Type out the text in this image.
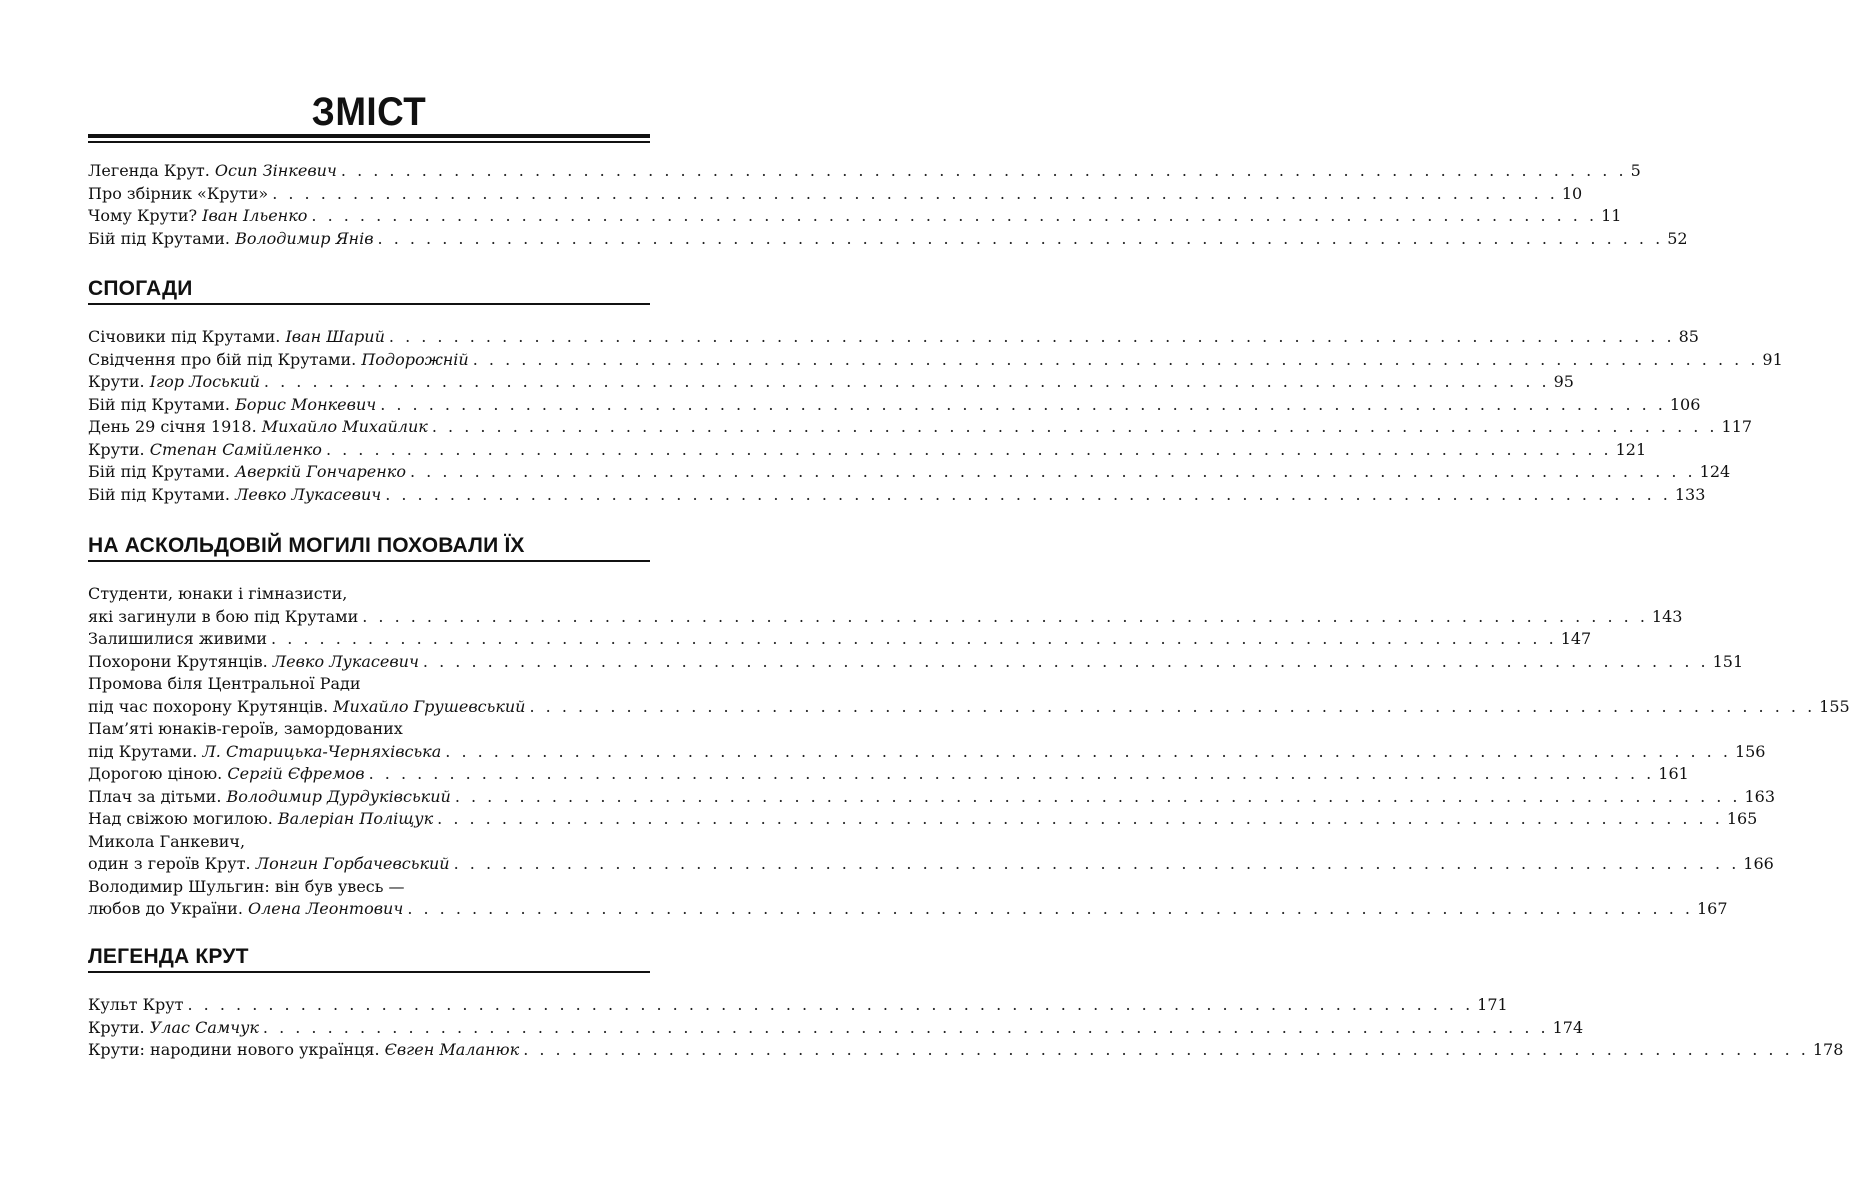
ЗМІСТ
Легенда Крут. Осип Зінкевич . . . . . . . . . . . . . . . . . . . . . . . . . . . . . . . . . . . . . . . . . . . . . . . . . . . . . . . . . . . . . . . . . . . . . . . . . . . . . . . . 5
Про збірник «Крути» . . . . . . . . . . . . . . . . . . . . . . . . . . . . . . . . . . . . . . . . . . . . . . . . . . . . . . . . . . . . . . . . . . . . . . . . . . . . . . . . 10
Чому Крути? Іван Ільенко . . . . . . . . . . . . . . . . . . . . . . . . . . . . . . . . . . . . . . . . . . . . . . . . . . . . . . . . . . . . . . . . . . . . . . . . . . . . . . . . 11
Бій під Крутами. Володимир Янів . . . . . . . . . . . . . . . . . . . . . . . . . . . . . . . . . . . . . . . . . . . . . . . . . . . . . . . . . . . . . . . . . . . . . . . . . . . . . . . . 52
СПОГАДИ
Січовики під Крутами. Іван Шарий . . . . . . . . . . . . . . . . . . . . . . . . . . . . . . . . . . . . . . . . . . . . . . . . . . . . . . . . . . . . . . . . . . . . . . . . . . . . . . . . 85
Свідчення про бій під Крутами. Подорожній . . . . . . . . . . . . . . . . . . . . . . . . . . . . . . . . . . . . . . . . . . . . . . . . . . . . . . . . . . . . . . . . . . . . . . . . . . . . . . . . 91
Крути. Ігор Лоський . . . . . . . . . . . . . . . . . . . . . . . . . . . . . . . . . . . . . . . . . . . . . . . . . . . . . . . . . . . . . . . . . . . . . . . . . . . . . . . . 95
Бій під Крутами. Борис Монкевич . . . . . . . . . . . . . . . . . . . . . . . . . . . . . . . . . . . . . . . . . . . . . . . . . . . . . . . . . . . . . . . . . . . . . . . . . . . . . . . . 106
День 29 січня 1918. Михайло Михайлик . . . . . . . . . . . . . . . . . . . . . . . . . . . . . . . . . . . . . . . . . . . . . . . . . . . . . . . . . . . . . . . . . . . . . . . . . . . . . . . . 117
Крути. Степан Самійленко . . . . . . . . . . . . . . . . . . . . . . . . . . . . . . . . . . . . . . . . . . . . . . . . . . . . . . . . . . . . . . . . . . . . . . . . . . . . . . . . 121
Бій під Крутами. Аверкій Гончаренко . . . . . . . . . . . . . . . . . . . . . . . . . . . . . . . . . . . . . . . . . . . . . . . . . . . . . . . . . . . . . . . . . . . . . . . . . . . . . . . . 124
Бій під Крутами. Левко Лукасевич . . . . . . . . . . . . . . . . . . . . . . . . . . . . . . . . . . . . . . . . . . . . . . . . . . . . . . . . . . . . . . . . . . . . . . . . . . . . . . . . 133
НА АСКОЛЬДОВІЙ МОГИЛІ ПОХОВАЛИ ЇХ
Студенти, юнаки і гімназисти,
які загинули в бою під Крутами . . . . . . . . . . . . . . . . . . . . . . . . . . . . . . . . . . . . . . . . . . . . . . . . . . . . . . . . . . . . . . . . . . . . . . . . . . . . . . . . 143
Залишилися живими . . . . . . . . . . . . . . . . . . . . . . . . . . . . . . . . . . . . . . . . . . . . . . . . . . . . . . . . . . . . . . . . . . . . . . . . . . . . . . . . 147
Похорони Крутянців. Левко Лукасевич . . . . . . . . . . . . . . . . . . . . . . . . . . . . . . . . . . . . . . . . . . . . . . . . . . . . . . . . . . . . . . . . . . . . . . . . . . . . . . . . 151
Промова біля Центральної Ради
під час похорону Крутянців. Михайло Грушевський . . . . . . . . . . . . . . . . . . . . . . . . . . . . . . . . . . . . . . . . . . . . . . . . . . . . . . . . . . . . . . . . . . . . . . . . . . . . . . . . 155
Пам’яті юнаків-героїв, замордованих
під Крутами. Л. Старицька-Черняхівська . . . . . . . . . . . . . . . . . . . . . . . . . . . . . . . . . . . . . . . . . . . . . . . . . . . . . . . . . . . . . . . . . . . . . . . . . . . . . . . . 156
Дорогою ціною. Сергій Єфремов . . . . . . . . . . . . . . . . . . . . . . . . . . . . . . . . . . . . . . . . . . . . . . . . . . . . . . . . . . . . . . . . . . . . . . . . . . . . . . . . 161
Плач за дітьми. Володимир Дурдуківський . . . . . . . . . . . . . . . . . . . . . . . . . . . . . . . . . . . . . . . . . . . . . . . . . . . . . . . . . . . . . . . . . . . . . . . . . . . . . . . . 163
Над свіжою могилою. Валеріан Поліщук . . . . . . . . . . . . . . . . . . . . . . . . . . . . . . . . . . . . . . . . . . . . . . . . . . . . . . . . . . . . . . . . . . . . . . . . . . . . . . . . 165
Микола Ганкевич,
один з героїв Крут. Лонгин Горбачевський . . . . . . . . . . . . . . . . . . . . . . . . . . . . . . . . . . . . . . . . . . . . . . . . . . . . . . . . . . . . . . . . . . . . . . . . . . . . . . . . 166
Володимир Шульгин: він був увесь —
любов до України. Олена Леонтович . . . . . . . . . . . . . . . . . . . . . . . . . . . . . . . . . . . . . . . . . . . . . . . . . . . . . . . . . . . . . . . . . . . . . . . . . . . . . . . . 167
ЛЕГЕНДА КРУТ
Культ Крут . . . . . . . . . . . . . . . . . . . . . . . . . . . . . . . . . . . . . . . . . . . . . . . . . . . . . . . . . . . . . . . . . . . . . . . . . . . . . . . . 171
Крути. Улас Самчук . . . . . . . . . . . . . . . . . . . . . . . . . . . . . . . . . . . . . . . . . . . . . . . . . . . . . . . . . . . . . . . . . . . . . . . . . . . . . . . . 174
Крути: народини нового українця. Євген Маланюк . . . . . . . . . . . . . . . . . . . . . . . . . . . . . . . . . . . . . . . . . . . . . . . . . . . . . . . . . . . . . . . . . . . . . . . . . . . . . . . . 178
